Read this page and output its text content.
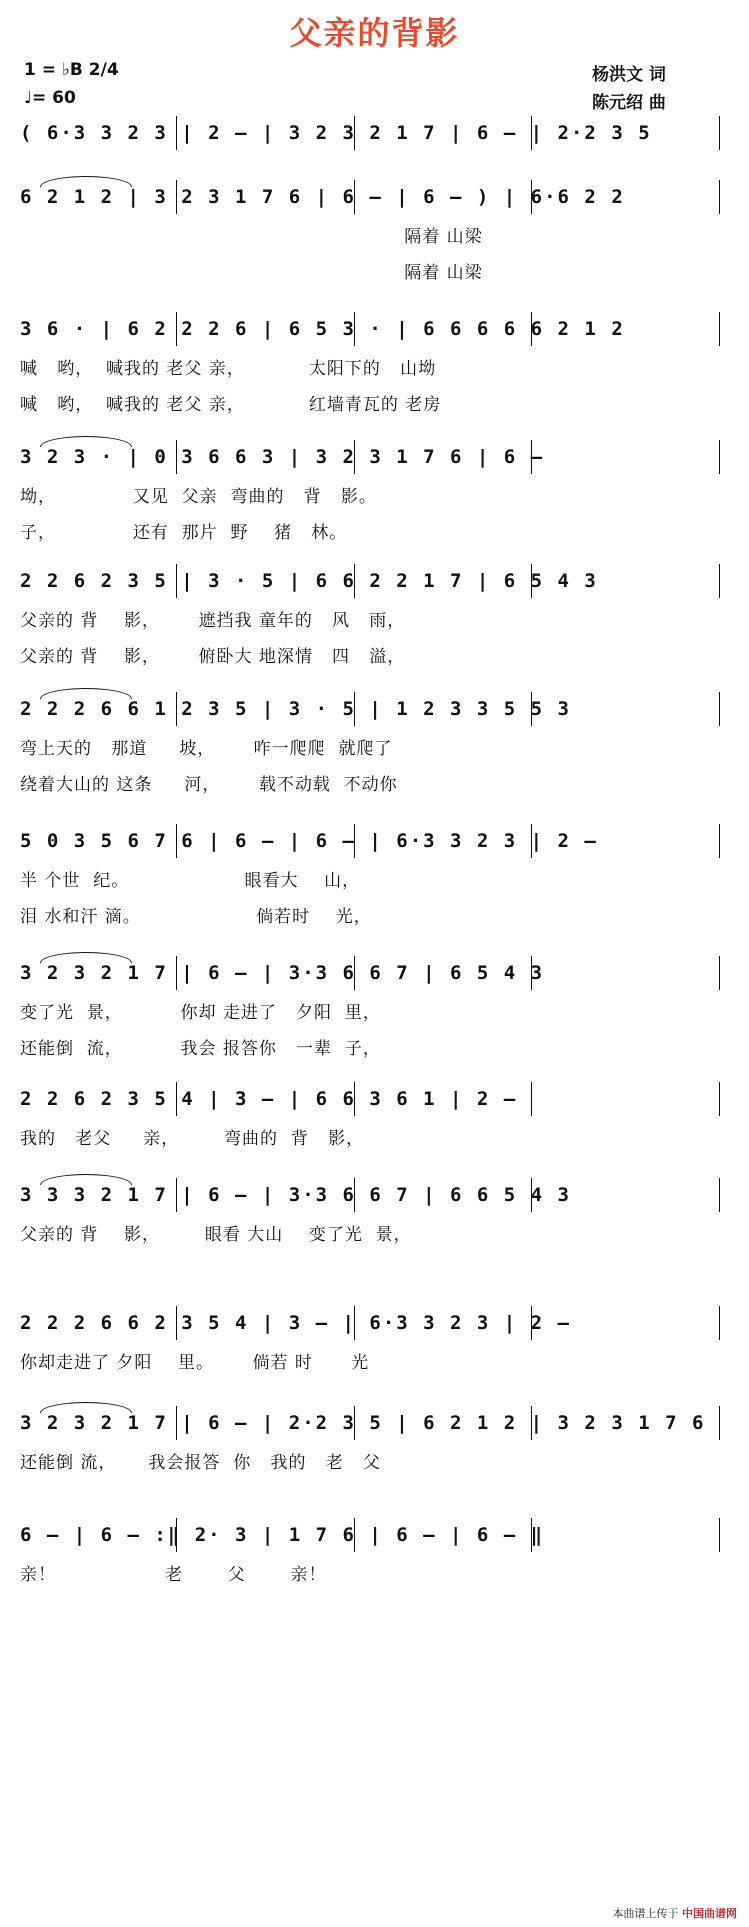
父亲的背影
1 = ♭B 2/4
♩= 60
杨洪文 词
陈元绍 曲
( 6·3 3 2 3 | 2 – | 3 2 3 2 1 7 | 6 – | 2·2 3 5
6 2 1 2 | 3 2 3 1 7 6 | 6 – | 6 – ) | 6·6 2 2
隔着 山梁
隔着 山梁
3 6 · | 6 2 2 2 6 | 6 5 3 · | 6 6 6 6 6 2 1 2
喊   哟，  喊我的 老父 亲，          太阳下的   山坳
喊   哟，  喊我的 老父 亲，          红墙青瓦的 老房
3 2 3 · | 0 3 6 6 3 | 3 2 3 1 7 6 | 6 –
坳，            又见  父亲  弯曲的   背   影。
子，            还有  那片  野    猪   林。
2 2 6 2 3 5 | 3 · 5 | 6 6 2 2 1 7 | 6 5 4 3
父亲的 背    影，      遮挡我 童年的   风   雨，
父亲的 背    影，      俯卧大 地深情   四   溢，
2 2 2 6 6 1 2 3 5 | 3 · 5 | 1 2 3 3 5 5 3
弯上天的   那道     坡，      咋一爬爬  就爬了
绕着大山的 这条     河，      载不动载  不动你
5 0 3 5 6 7 6 | 6 – | 6 – | 6·3 3 2 3 | 2 –
半 个世  纪。                  眼看大    山，
泪 水和汗 滴。                  倘若时    光，
3 2 3 2 1 7 | 6 – | 3·3 6 6 7 | 6 5 4 3
变了光  景，         你却 走进了   夕阳  里，
还能倒  流，         我会 报答你   一辈  子，
2 2 6 2 3 5 4 | 3 – | 6 6 3 6 1 | 2 –
我的   老父     亲，       弯曲的  背   影，
3 3 3 2 1 7 | 6 – | 3·3 6 6 7 | 6 6 5 4 3
父亲的 背    影，       眼看 大山    变了光  景，
2 2 2 6 6 2 3 5 4 | 3 – | 6·3 3 2 3 | 2 –
你却走进了 夕阳    里。      倘若 时      光
3 2 3 2 1 7 | 6 – | 2·2 3 5 | 6 2 1 2 | 3 2 3 1 7 6
还能倒 流，     我会报答  你   我的   老   父
6 – | 6 – :‖ 2· 3 | 1 7 6 | 6 – | 6 – ‖
亲！                 老       父       亲！
本曲谱上传于 中国曲谱网
